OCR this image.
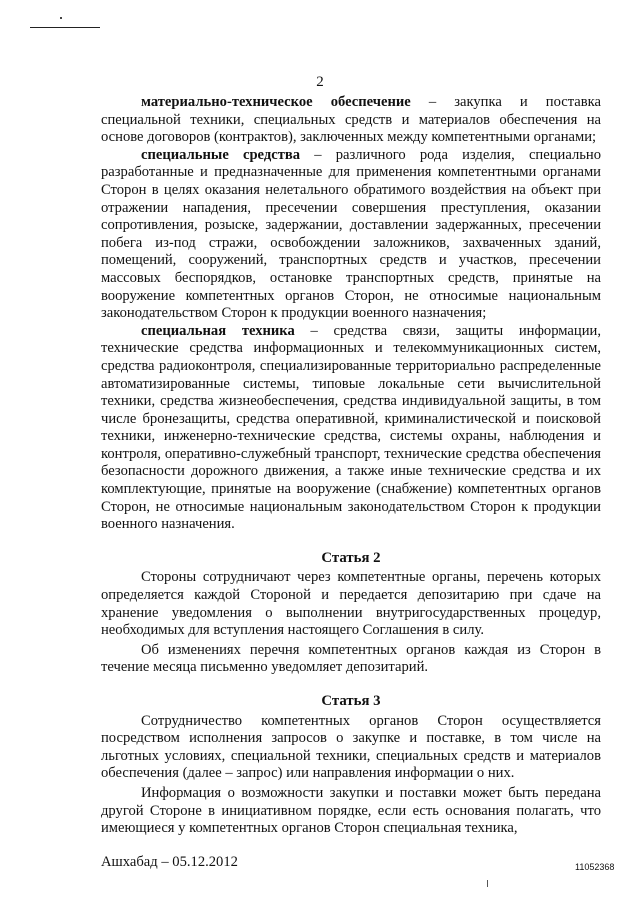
2

материально-техническое обеспечение – закупка и поставка специальной техники, специальных средств и материалов обеспечения на основе договоров (контрактов), заключенных между компетентными органами;

специальные средства – различного рода изделия, специально разработанные и предназначенные для применения компетентными органами Сторон в целях оказания нелетального обратимого воздействия на объект при отражении нападения, пресечении совершения преступления, оказании сопротивления, розыске, задержании, доставлении задержанных, пресечении побега из-под стражи, освобождении заложников, захваченных зданий, помещений, сооружений, транспортных средств и участков, пресечении массовых беспорядков, остановке транспортных средств, принятые на вооружение компетентных органов Сторон, не относимые национальным законодательством Сторон к продукции военного назначения;

специальная техника – средства связи, защиты информации, технические средства информационных и телекоммуникационных систем, средства радиоконтроля, специализированные территориально распределенные автоматизированные системы, типовые локальные сети вычислительной техники, средства жизнеобеспечения, средства индивидуальной защиты, в том числе бронезащиты, средства оперативной, криминалистической и поисковой техники, инженерно-технические средства, системы охраны, наблюдения и контроля, оперативно-служебный транспорт, технические средства обеспечения безопасности дорожного движения, а также иные технические средства и их комплектующие, принятые на вооружение (снабжение) компетентных органов Сторон, не относимые национальным законодательством Сторон к продукции военного назначения.

Статья 2

Стороны сотрудничают через компетентные органы, перечень которых определяется каждой Стороной и передается депозитарию при сдаче на хранение уведомления о выполнении внутригосударственных процедур, необходимых для вступления настоящего Соглашения в силу.

Об изменениях перечня компетентных органов каждая из Сторон в течение месяца письменно уведомляет депозитарий.

Статья 3

Сотрудничество компетентных органов Сторон осуществляется посредством исполнения запросов о закупке и поставке, в том числе на льготных условиях, специальной техники, специальных средств и материалов обеспечения (далее – запрос) или направления информации о них.

Информация о возможности закупки и поставки может быть передана другой Стороне в инициативном порядке, если есть основания полагать, что имеющиеся у компетентных органов Сторон специальная техника,

Ашхабад – 05.12.2012	11052368
